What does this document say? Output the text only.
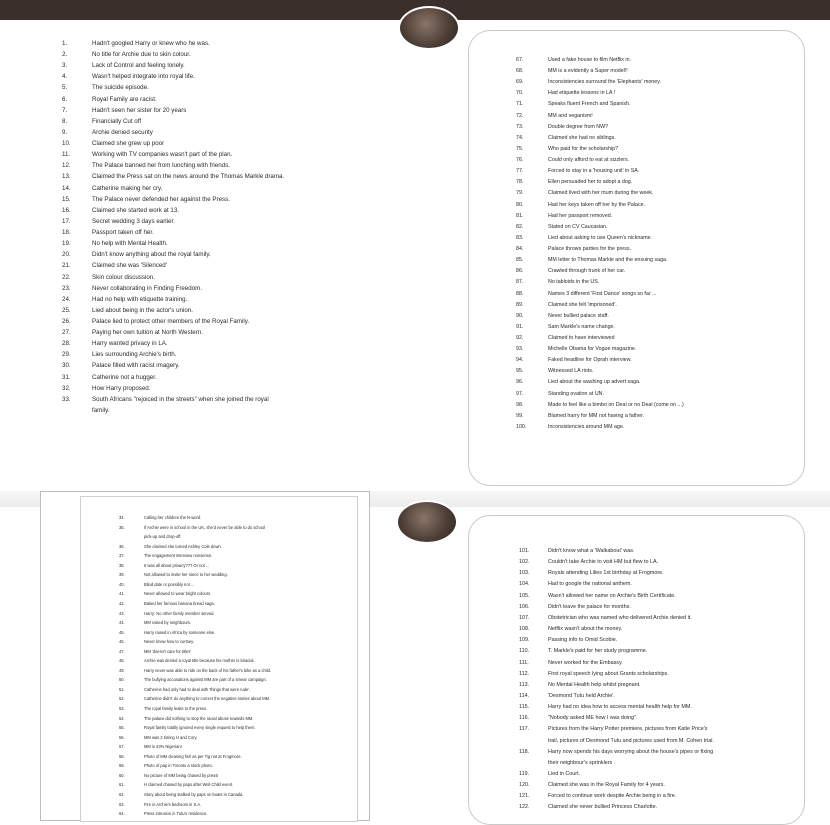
1.	Hadn't googled Harry or knew who he was.
2.	No title for Archie due to skin colour.
3.	Lack of Control and feeling lonely.
4.	Wasn't helped integrate into royal life.
5.	The suicide episode.
6.	Royal Family are racist.
7.	Hadn't seen her sister for 20 years
8.	Financially Cut off
9.	Archie denied security
10.	Claimed she grew up poor
11.	Working with TV companies wasn't part of the plan.
12.	The Palace banned her from lunching with friends.
13.	Claimed the Press sat on the news around the Thomas Markle drama.
14.	Catherine making her cry.
15.	The Palace never defended her against the Press.
16.	Claimed she started work at 13.
17.	Secret wedding 3 days earlier.
18.	Passport taken off her.
19.	No help with Mental Health.
20.	Didn't know anything about the royal family.
21.	Claimed she was 'Silenced'
22.	Skin colour discussion.
23.	Never collaborating in Finding Freedom.
24.	Had no help with etiquette training.
25.	Lied about being in the actor's union.
26.	Palace lied to protect other members of the Royal Family.
27.	Paying her own tuition at North Western.
28.	Harry wanted privacy in LA.
29.	Lies surrounding Archie's birth.
30.	Palace filled with racist imagery.
31.	Catherine not a hugger.
32.	How Harry proposed.
33.	South Africans "rejoiced in the streets" when she joined the royal
family.
67.	Used a fake house to film Netflix in.
68.	MM is a evidently a Super model!!
69.	Inconsistencies surround the 'Elephants' money.
70.	Had etiquette lessons in LA !
71.	Speaks fluent French and Spanish.
72.	MM and veganism!
73.	Double degree from NW?
74.	Claimed she had no siblings.
75.	Who paid for the scholarship?
76.	Could only afford to eat at sizzlers.
77.	Forced to stay in a 'housing unit' in SA.
78.	Ellen persuaded her to adopt a dog.
79.	Claimed lived with her mum during the week.
80.	Had her keys taken off her by the Palace.
81.	Had her passport removed.
82.	Stated on CV Caucasian.
83.	Lied about asking to use Queen's nickname.
84.	Palace throws parties for the press.
85.	MM letter to Thomas Markle and the ensuing saga.
86.	Crawled through trunk of her car.
87.	No tabloids in the US.
88.	Names 3 different 'First Dance' songs so far ...
89.	Claimed she felt 'imprisoned'.
90.	Never bullied palace staff.
91.	Sam Markle's name change.
92.	Claimed to have interviewed
93.	Michelle Obama for Vogue magazine.
94.	Faked headline for Oprah interview.
95.	Witnessed LA riots.
96.	Lied about the washing up advert saga.
97.	Standing ovation at UN.
98.	Made to feel like a bimbo on Deal or no Deal (come on ...)
99.	Blamed harry for MM not having a father.
100.	Inconsistencies around MM age.
34.	Calling her children the N-word.
35.	If Archie were in school in the UK, she'd never be able to do school
pick-up and drop-off.
36.	She claimed she turned Ashley Cole down.
37.	The engagement interview nonsense.
38.	It was all about privacy??? Or not ...
39.	Not allowed to invite her niece to her wedding.
40.	Blind date or possibly not ...
41.	Never allowed to wear bright colours.
42.	Baked her famous banana bread saga.
43.	Harry: No other family member served.
44.	MM raised by neighbours.
45.	Harry raised in Africa by someone else.
46.	Never knew how to curtsey.
47.	MM 'doesn't care for titles'
48.	Archie was denied a royal title because his mother is biracial.
49.	Harry never was able to ride on the back of his father's bike as a child.
50.	The bullying accusations against MM are part of a smear campaign.
51.	Catherine had only had to deal with 'things that were rude'.
52.	Catherine didn't do anything to correct the negative stories about MM.
53.	The royal family leaks to the press.
54.	The palace did nothing to stop the racial abuse towards MM.
55.	Royal family totally ignored every single request to help them.
56.	MM was 2 timing H and Cory.
57.	MM is 43% Nigerian!
58.	Photo of MM cleaning fish as per Tig not at Frogmore.
59.	Photo of pap in Toronto a stock photo.
60.	No picture of MM being chased by press!
61.	H claimed chased by paps after Well Child event.
62.	Story about being stalked by paps on boats in Canada.
63.	Fire in Archie's bedroom in S.A.
64.	Press intrusion in Tutu's residence.
101.	Didn't know what a 'Walkabout' was.
102.	Couldn't take Archie to visit HM but flew to LA.
103.	Royals attending Lilies 1st birthday at Frogmore.
104.	Had to google the national anthem.
105.	Wasn't allowed her name on Archie's Birth Certificate.
106.	Didn't leave the palace for months.
107.	Obstetrician who was named who delivered Archie denied it.
108.	Netflix wasn't about the money.
109.	Passing info to Omid Scobie.
110.	T. Markle's paid for her study programme.
111.	Never worked for the Embassy.
112.	First royal speech lying about Grants scholarships.
113.	No Mental Health help whilst pregnant.
114.	'Desmond Tutu held Archie'.
115.	Harry had no idea how to access mental health help for MM.
116.	"Nobody asked ME how I was doing".
117.	Pictures from the Harry Potter premiere, pictures from Katie Price's
trail, pictures of Desmond Tutu and pictures used from M. Cohen trial.
118.	Harry now spends his days worrying about the house's pipes or fixing
their neighbour's sprinklers .
119.	Lied in Court.
120.	Claimed she was in the Royal Family for 4 years.
121.	Forced to continue work despite Archie being in a fire.
122.	Claimed she never bullied Princess Charlotte.
